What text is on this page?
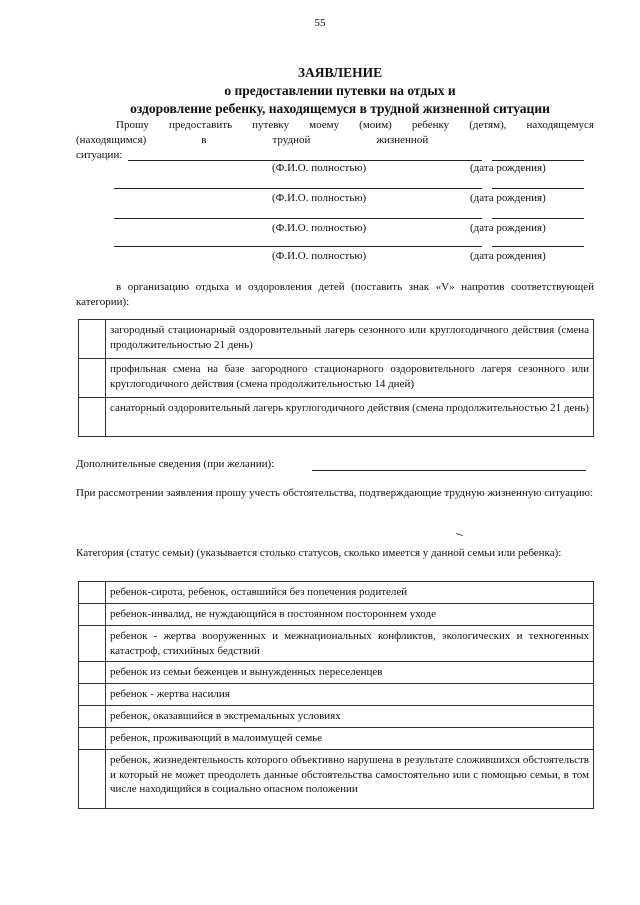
55
ЗАЯВЛЕНИЕ
о предоставлении путевки на отдых и
оздоровление ребенку, находящемуся в трудной жизненной ситуации
Прошу предоставить путевку моему (моим) ребенку (детям), находящемуся
(находящимся)                    в                        трудной                        жизненной
ситуации:
(Ф.И.О. полностью)	(дата рождения)
(Ф.И.О. полностью)	(дата рождения)
(Ф.И.О. полностью)	(дата рождения)
(Ф.И.О. полностью)	(дата рождения)
в организацию отдыха и оздоровления детей (поставить знак «V» напротив соответствующей категории):
	загородный стационарный оздоровительный лагерь сезонного или круглогодичного действия (смена продолжительностью 21 день)
	профильная смена на базе загородного стационарного оздоровительного лагеря сезонного или круглогодичного действия (смена продолжительностью 14 дней)
	санаторный оздоровительный лагерь круглогодичного действия (смена продолжительностью 21 день)
Дополнительные сведения (при желании):
При рассмотрении заявления прошу учесть обстоятельства, подтверждающие трудную жизненную ситуацию:
Категория (статус семьи) (указывается столько статусов, сколько имеется у данной семьи или ребенка):
	ребенок-сирота, ребенок, оставшийся без попечения родителей
	ребенок-инвалид, не нуждающийся в постоянном постороннем уходе
	ребенок - жертва вооруженных и межнациональных конфликтов, экологических и техногенных катастроф, стихийных бедствий
	ребенок из семьи беженцев и вынужденных переселенцев
	ребенок - жертва насилия
	ребенок, оказавшийся в экстремальных условиях
	ребенок, проживающий в малоимущей семье
	ребенок, жизнедеятельность которого объективно нарушена в результате сложившихся обстоятельств и который не может преодолеть данные обстоятельства самостоятельно или с помощью семьи, в том числе находящийся в социально опасном положении
